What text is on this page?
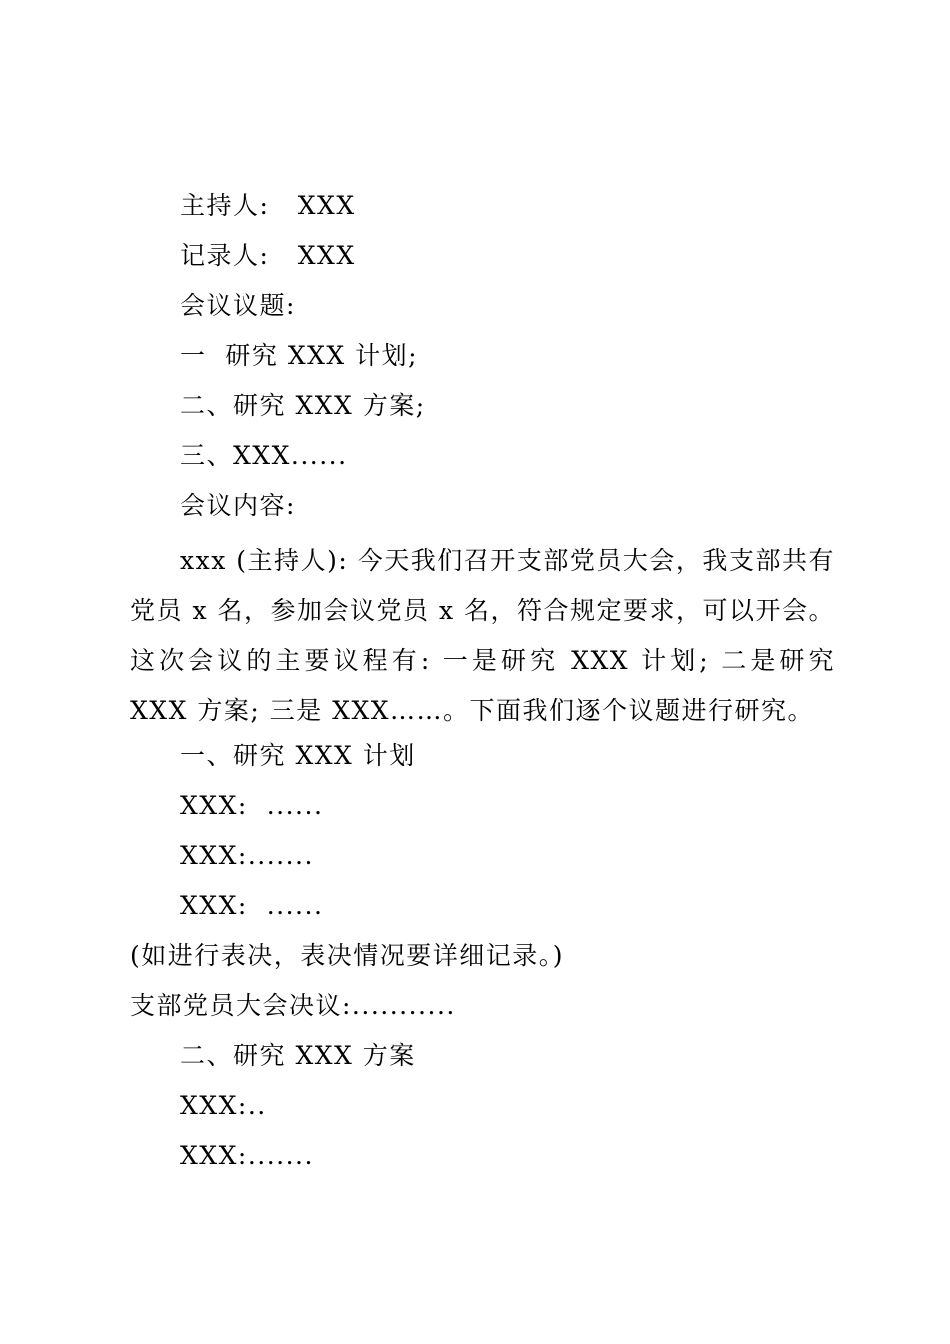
主持人:   XXX
记录人:   XXX
会议议题:
一  研究 XXX 计划;
二、研究 XXX 方案;
三、XXX......
会议内容:
xxx (主持人): 今天我们召开支部党员大会，我支部共有党员 x 名，参加会议党员 x 名，符合规定要求，可以开会。这次会议的主要议程有: 一是研究 XXX 计划; 二是研究 XXX 方案; 三是 XXX……。下面我们逐个议题进行研究。
一、研究 XXX 计划
XXX:  ......
XXX:.......
XXX:  ......
(如进行表决，表决情况要详细记录。)
支部党员大会决议:...........
二、研究 XXX 方案
XXX:..
XXX:.......
